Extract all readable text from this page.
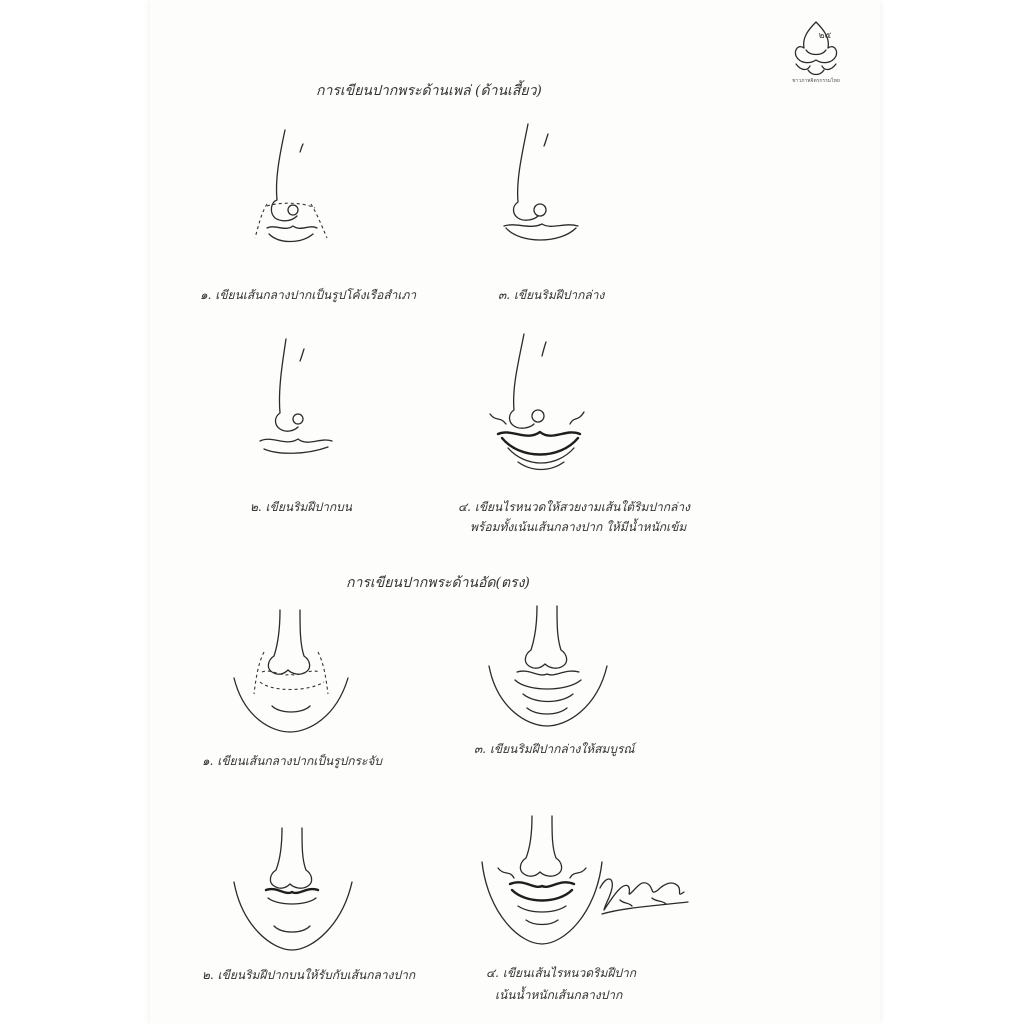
๒๕
ชาวภาพจิตรกรรมไทย
การเขียนปากพระด้านเพล่ (ด้านเสี้ยว)
๑. เขียนเส้นกลางปากเป็นรูปโค้งเรือสำเภา	๓. เขียนริมฝีปากล่าง
๒. เขียนริมฝีปากบน	๔. เขียนไรหนวดให้สวยงามเส้นใต้ริมปากล่าง
พร้อมทั้งเน้นเส้นกลางปาก ให้มีน้ำหนักเข้ม
การเขียนปากพระด้านอัด(ตรง)
๑. เขียนเส้นกลางปากเป็นรูปกระจับ
๓. เขียนริมฝีปากล่างให้สมบูรณ์
๒. เขียนริมฝีปากบนให้รับกับเส้นกลางปาก	๔. เขียนเส้นไรหนวดริมฝีปาก
เน้นน้ำหนักเส้นกลางปาก
